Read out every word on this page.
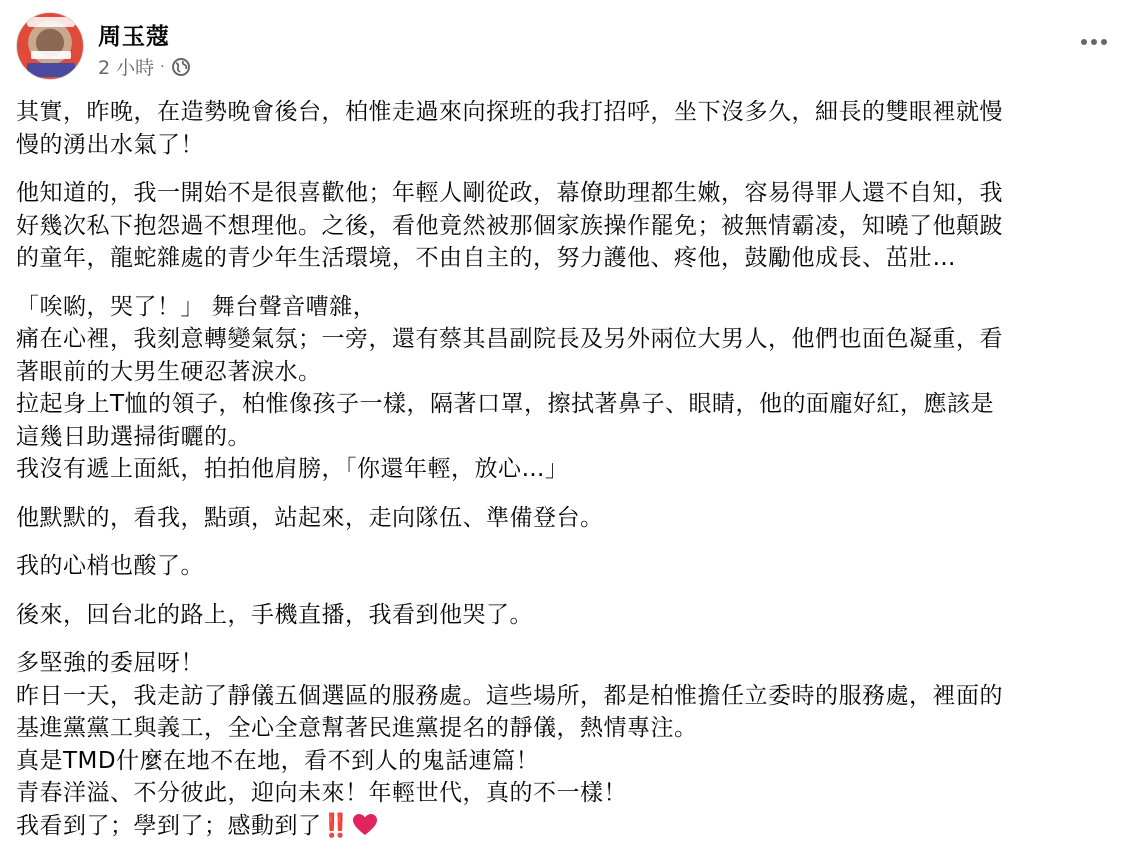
周玉蔻
2 小時 ·

其實，昨晚，在造勢晚會後台，柏惟走過來向探班的我打招呼，坐下沒多久，細長的雙眼裡就慢
慢的湧出水氣了！

他知道的，我一開始不是很喜歡他；年輕人剛從政，幕僚助理都生嫩，容易得罪人還不自知，我
好幾次私下抱怨過不想理他。之後，看他竟然被那個家族操作罷免；被無情霸凌，知曉了他顛跛
的童年，龍蛇雜處的青少年生活環境，不由自主的，努力護他、疼他，鼓勵他成長、茁壯…

「唉喲，哭了！」 舞台聲音嘈雜，
痛在心裡，我刻意轉變氣氛；一旁，還有蔡其昌副院長及另外兩位大男人，他們也面色凝重，看
著眼前的大男生硬忍著淚水。
拉起身上T恤的領子，柏惟像孩子一樣，隔著口罩，擦拭著鼻子、眼睛，他的面龐好紅，應該是
這幾日助選掃街曬的。
我沒有遞上面紙，拍拍他肩膀，「你還年輕，放心…」

他默默的，看我，點頭，站起來，走向隊伍、準備登台。

我的心梢也酸了。

後來，回台北的路上，手機直播，我看到他哭了。

多堅強的委屈呀！
昨日一天，我走訪了靜儀五個選區的服務處。這些場所，都是柏惟擔任立委時的服務處，裡面的
基進黨黨工與義工，全心全意幫著民進黨提名的靜儀，熱情專注。
真是TMD什麼在地不在地，看不到人的鬼話連篇！
青春洋溢、不分彼此，迎向未來！年輕世代，真的不一樣！
我看到了；學到了；感動到了‼️
